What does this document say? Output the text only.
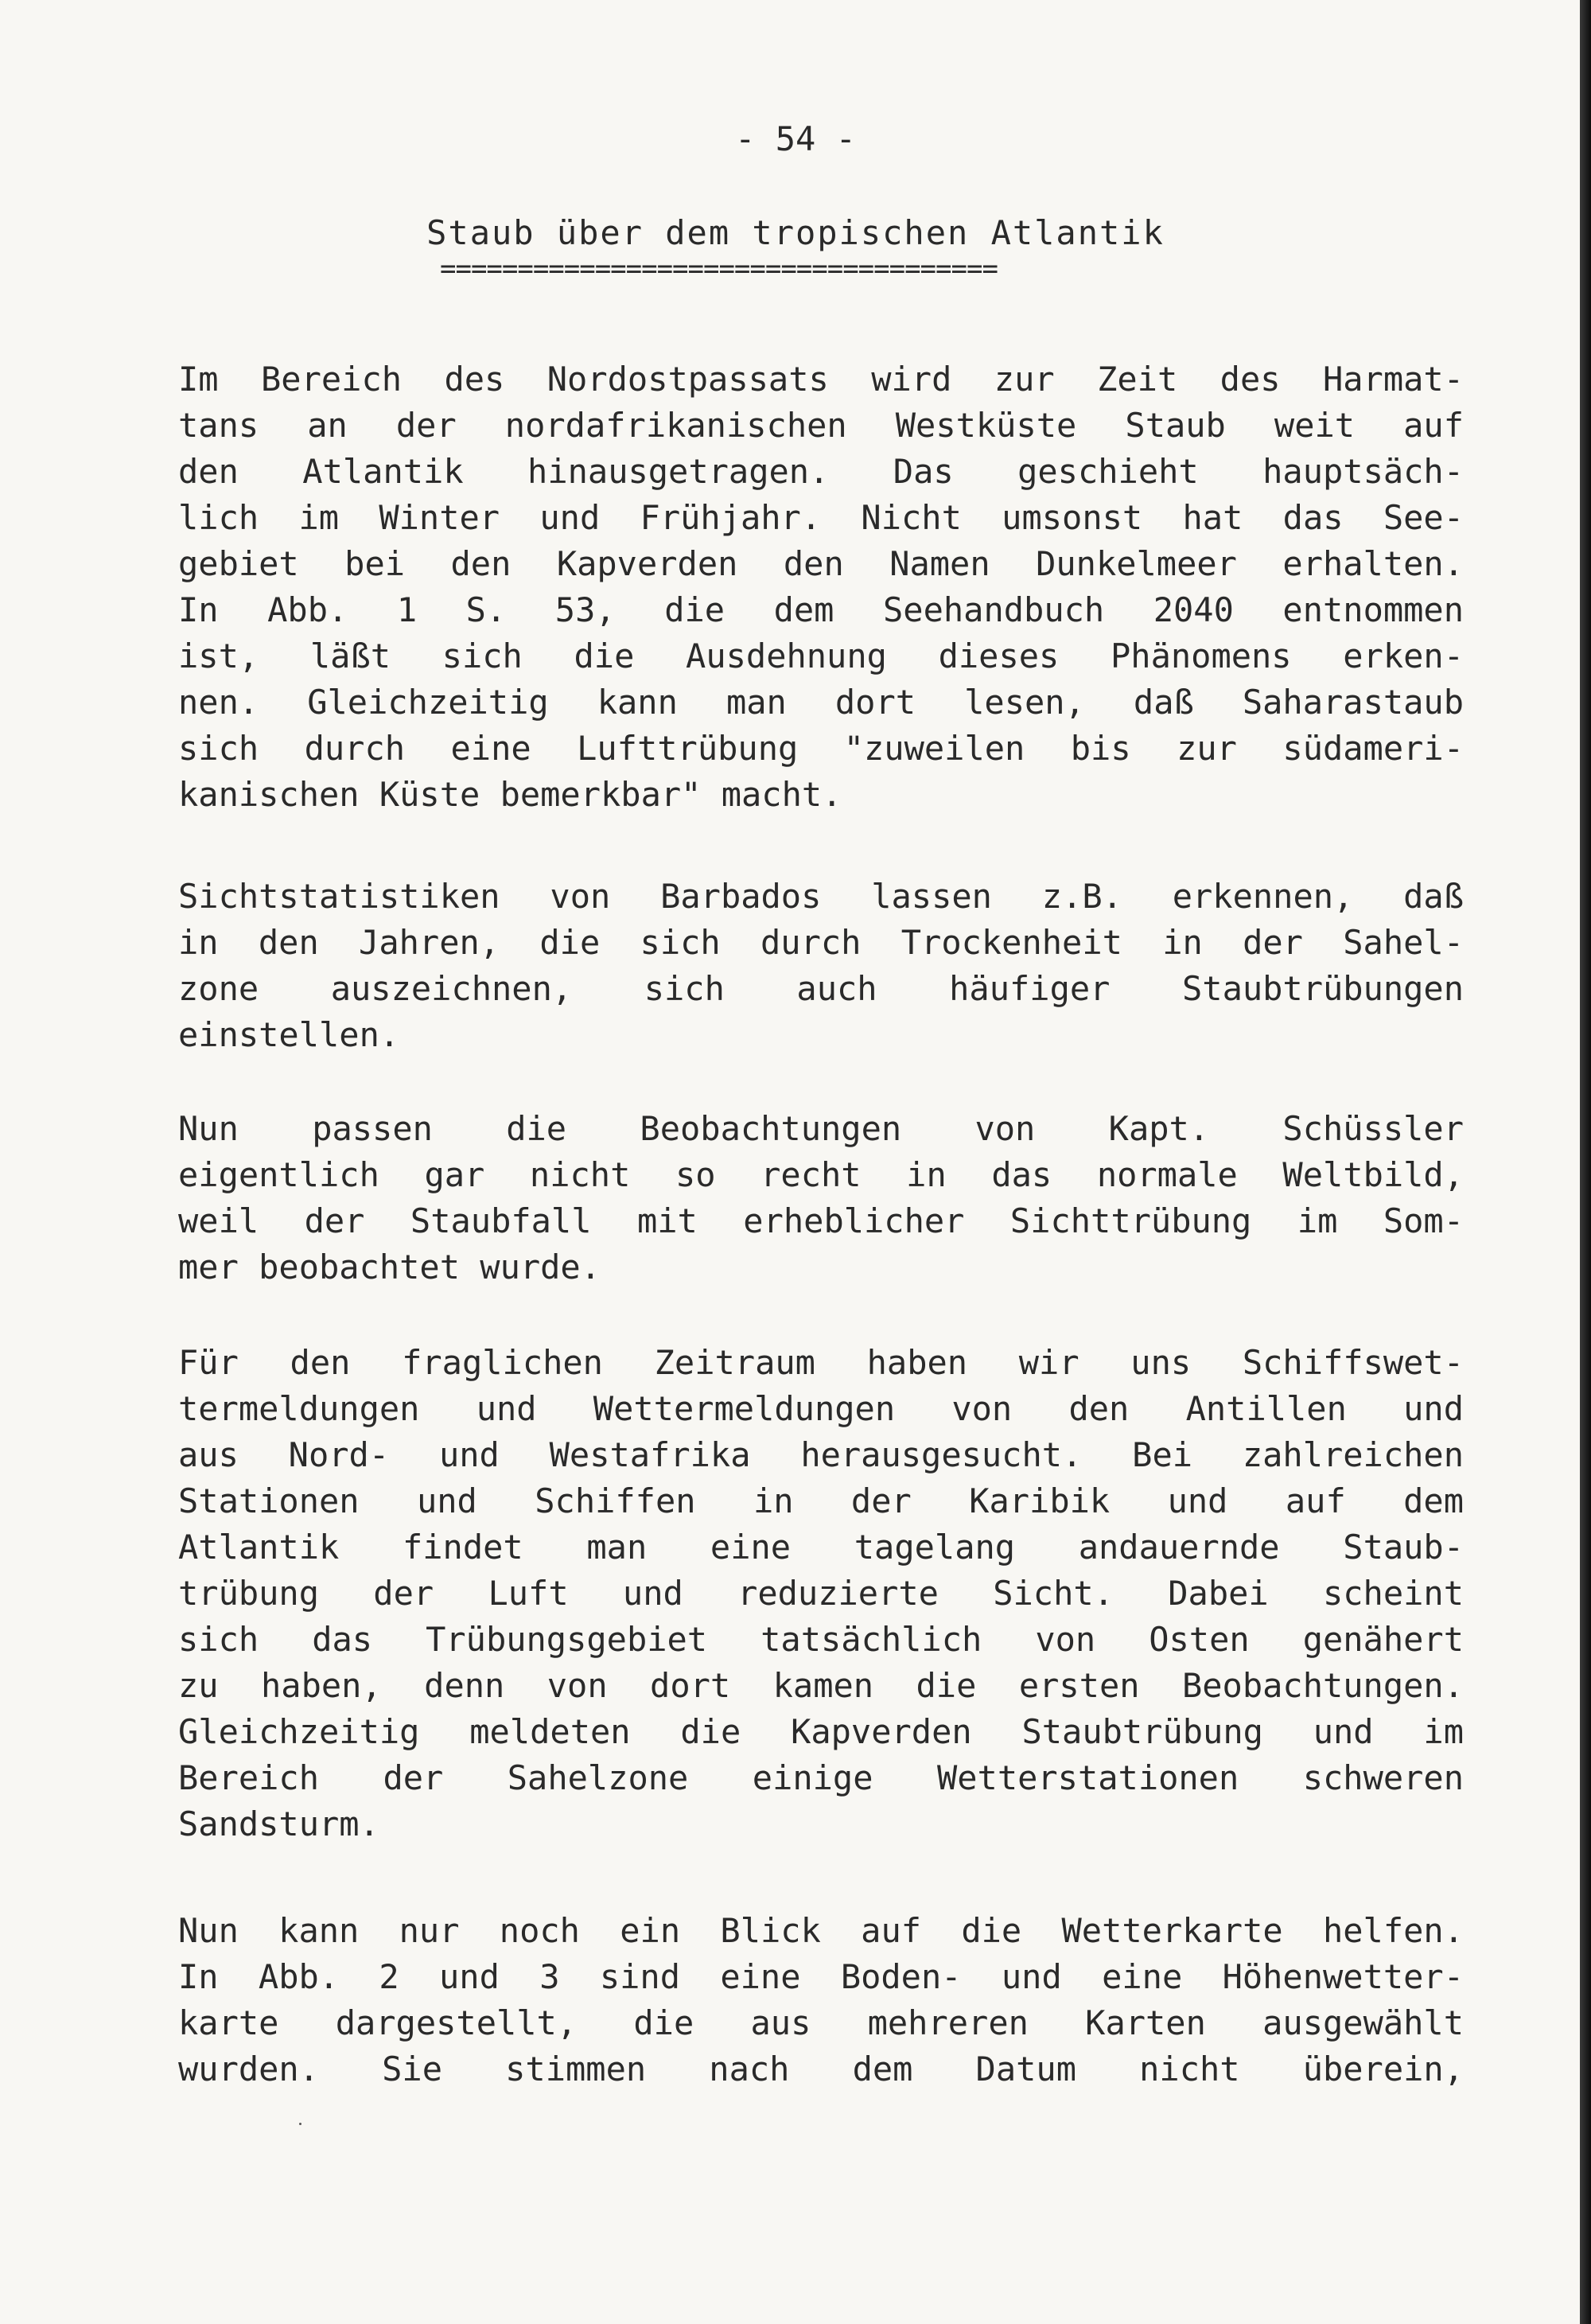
- 54 -
Staub über dem tropischen Atlantik
====================================
Im Bereich des Nordostpassats wird zur Zeit des Harmat-
tans an der nordafrikanischen Westküste Staub weit auf
den Atlantik hinausgetragen. Das geschieht hauptsäch-
lich im Winter und Frühjahr. Nicht umsonst hat das See-
gebiet bei den Kapverden den Namen Dunkelmeer erhalten.
In Abb. 1 S. 53, die dem Seehandbuch 2040 entnommen
ist, läßt sich die Ausdehnung dieses Phänomens erken-
nen. Gleichzeitig kann man dort lesen, daß Saharastaub
sich durch eine Lufttrübung "zuweilen bis zur südameri-
kanischen Küste bemerkbar" macht.
Sichtstatistiken von Barbados lassen z.B. erkennen, daß
in den Jahren, die sich durch Trockenheit in der Sahel-
zone auszeichnen, sich auch häufiger Staubtrübungen
einstellen.
Nun passen die Beobachtungen von Kapt. Schüssler
eigentlich gar nicht so recht in das normale Weltbild,
weil der Staubfall mit erheblicher Sichttrübung im Som-
mer beobachtet wurde.
Für den fraglichen Zeitraum haben wir uns Schiffswet-
termeldungen und Wettermeldungen von den Antillen und
aus Nord- und Westafrika herausgesucht. Bei zahlreichen
Stationen und Schiffen in der Karibik und auf dem
Atlantik findet man eine tagelang andauernde Staub-
trübung der Luft und reduzierte Sicht. Dabei scheint
sich das Trübungsgebiet tatsächlich von Osten genähert
zu haben, denn von dort kamen die ersten Beobachtungen.
Gleichzeitig meldeten die Kapverden Staubtrübung und im
Bereich der Sahelzone einige Wetterstationen schweren
Sandsturm.
Nun kann nur noch ein Blick auf die Wetterkarte helfen.
In Abb. 2 und 3 sind eine Boden- und eine Höhenwetter-
karte dargestellt, die aus mehreren Karten ausgewählt
wurden. Sie stimmen nach dem Datum nicht überein,
